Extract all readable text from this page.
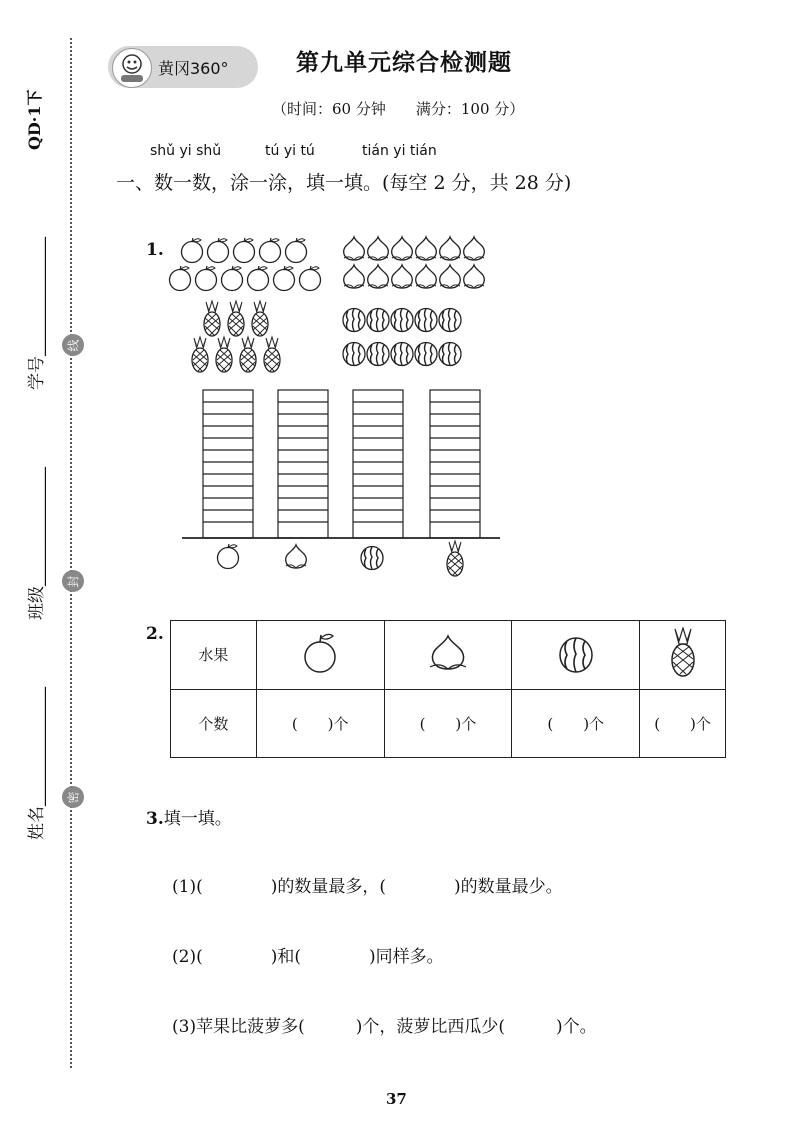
QD·1下
学号______________
班级______________
姓名______________
线
封
密
黄冈360°	第九单元综合检测题
（时间：60 分钟　　满分：100 分）
shǔ yi shǔ	tú yi tú	tián yi tián
一、数一数，涂一涂，填一填。(每空 2 分，共 28 分)
1.
2.
水果				
个数	(　　)个	(　　)个	(　　)个	(　　)个
3.填一填。
(1)(　　　　)的数量最多，(　　　　)的数量最少。
(2)(　　　　)和(　　　　)同样多。
(3)苹果比菠萝多(　　　)个，菠萝比西瓜少(　　　)个。
37
